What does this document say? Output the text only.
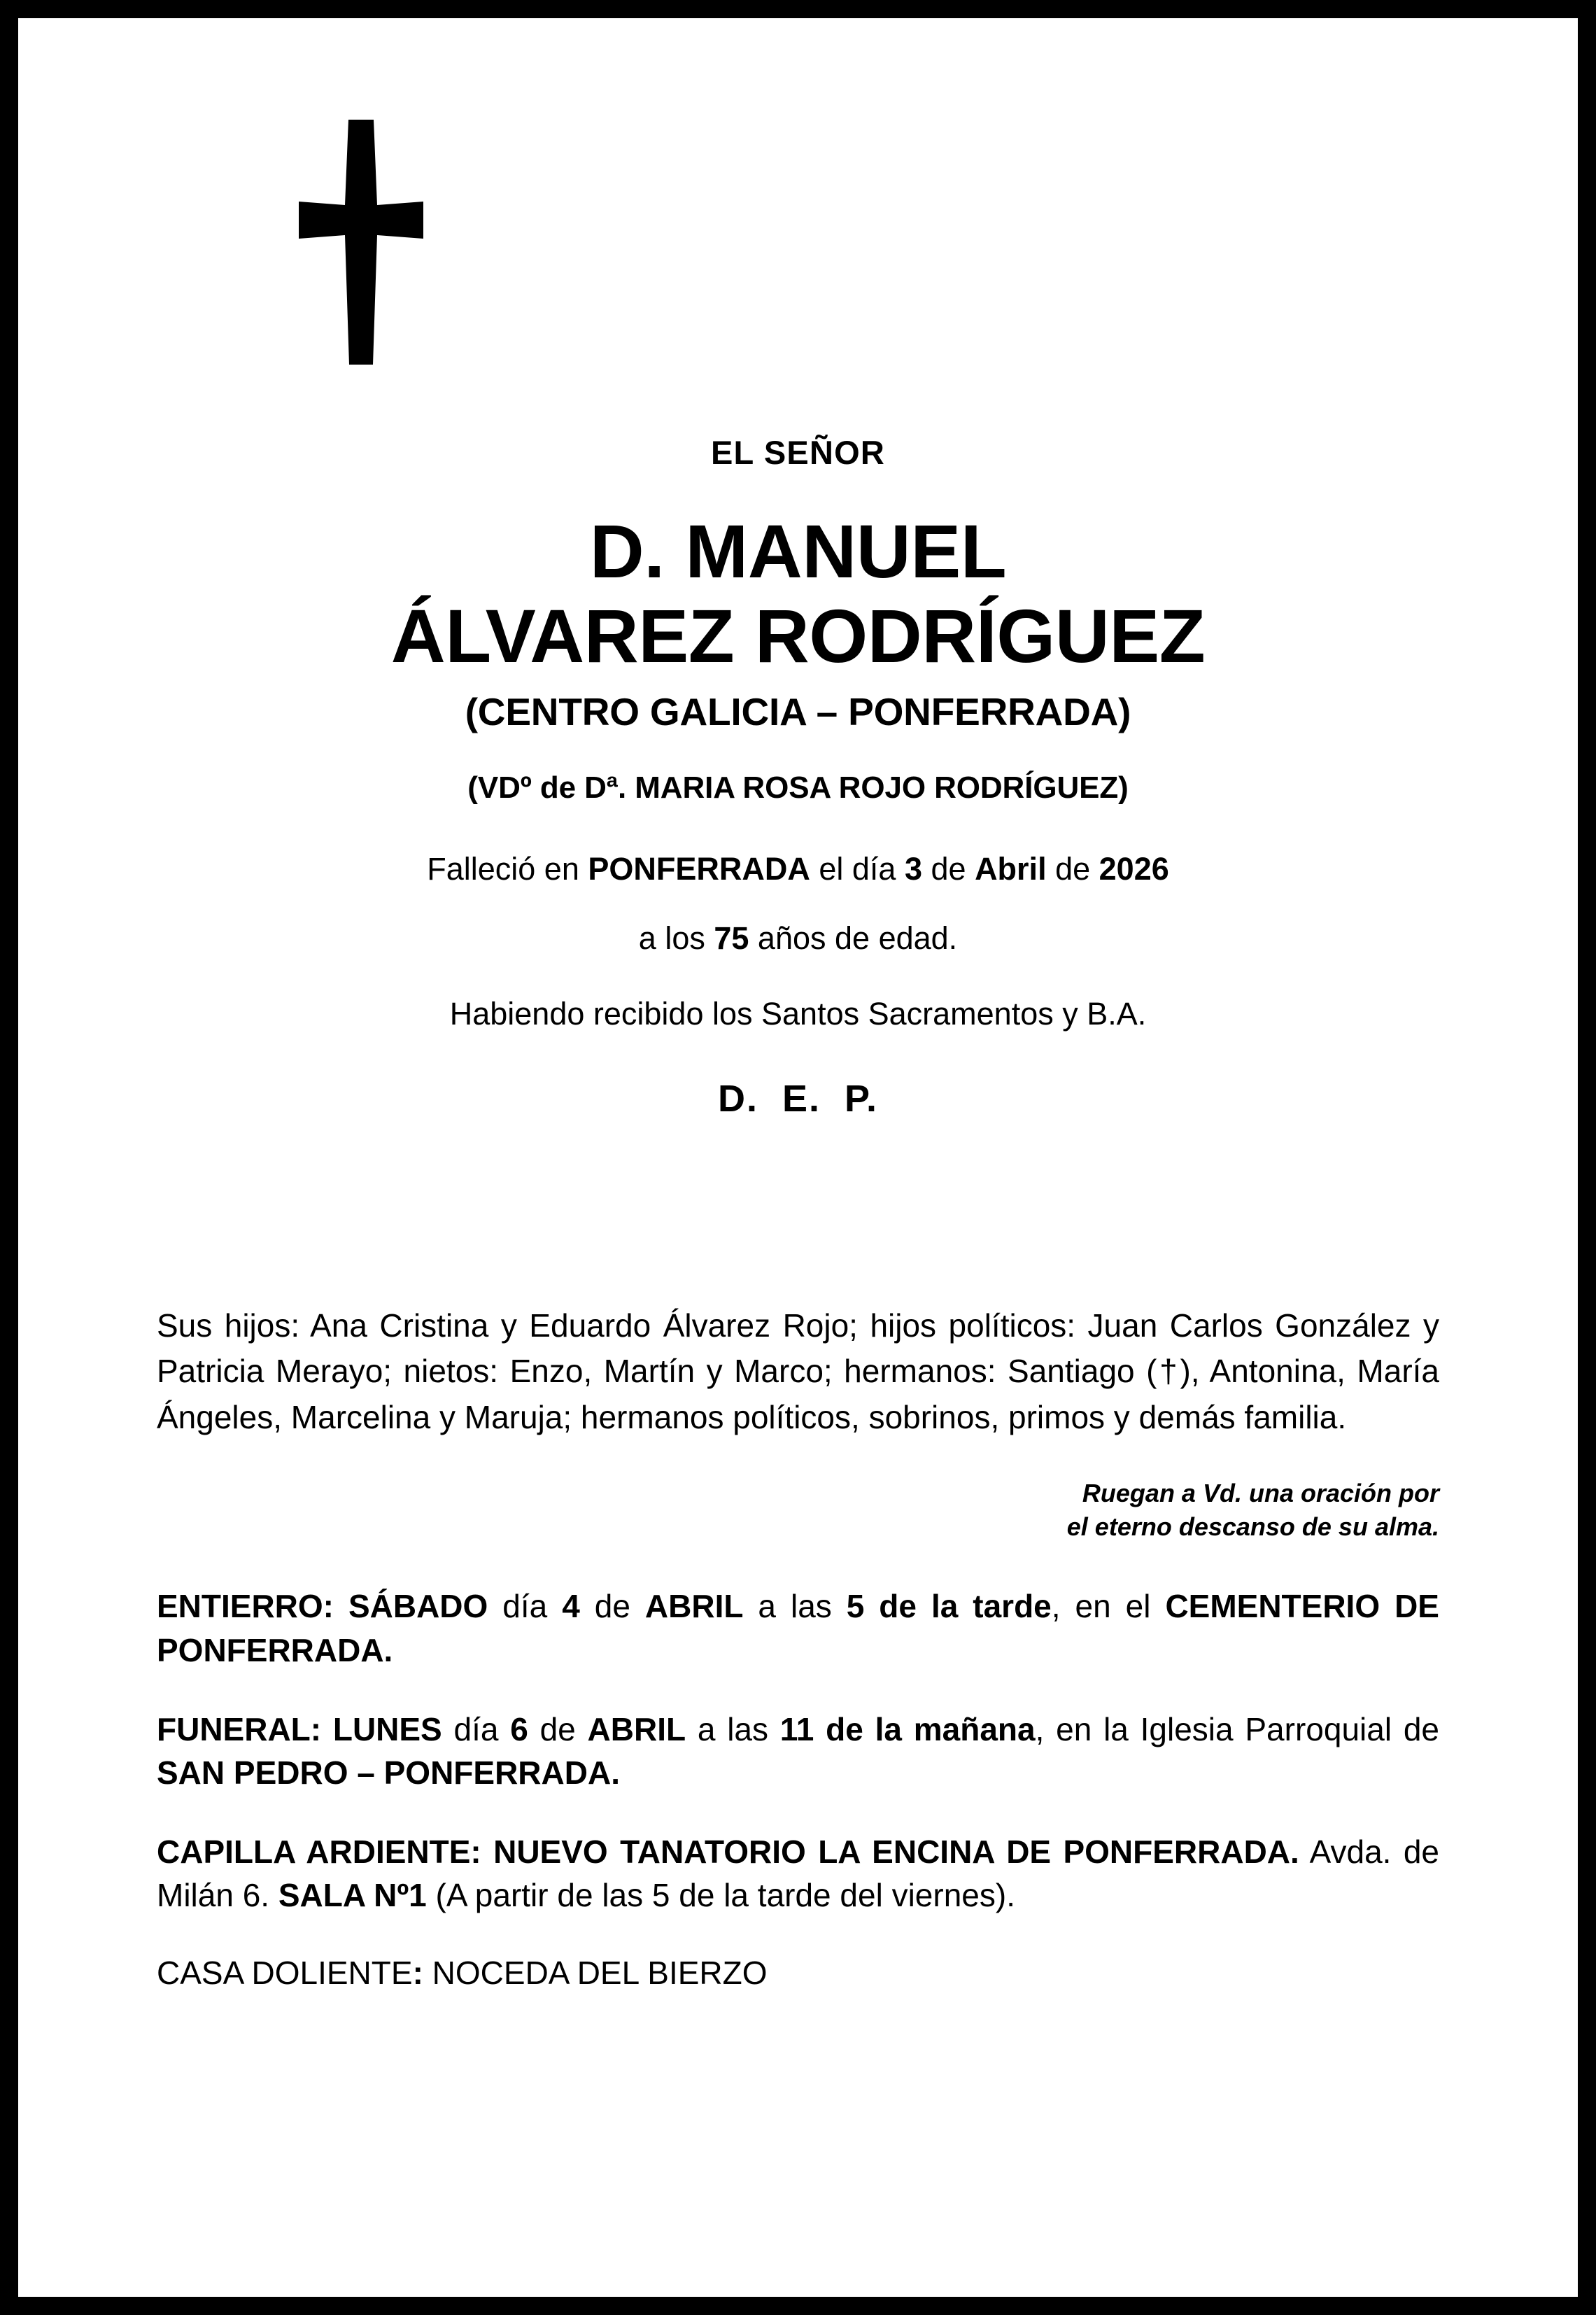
EL SEÑOR
D. MANUEL
ÁLVAREZ RODRÍGUEZ
(CENTRO GALICIA – PONFERRADA)
(VDº de Dª. MARIA ROSA ROJO RODRÍGUEZ)
Falleció en PONFERRADA el día 3 de Abril de 2026
a los 75 años de edad.
Habiendo recibido los Santos Sacramentos y B.A.
D. E. P.

Sus hijos: Ana Cristina y Eduardo Álvarez Rojo; hijos políticos: Juan Carlos González y Patricia Merayo; nietos: Enzo, Martín y Marco; hermanos: Santiago (†), Antonina, María Ángeles, Marcelina y Maruja; hermanos políticos, sobrinos, primos y demás familia.

Ruegan a Vd. una oración por
el eterno descanso de su alma.

ENTIERRO: SÁBADO día 4 de ABRIL a las 5 de la tarde, en el CEMENTERIO DE PONFERRADA.

FUNERAL: LUNES día 6 de ABRIL a las 11 de la mañana, en la Iglesia Parroquial de SAN PEDRO – PONFERRADA.

CAPILLA ARDIENTE: NUEVO TANATORIO LA ENCINA DE PONFERRADA. Avda. de Milán 6. SALA Nº1 (A partir de las 5 de la tarde del viernes).

CASA DOLIENTE: NOCEDA DEL BIERZO
